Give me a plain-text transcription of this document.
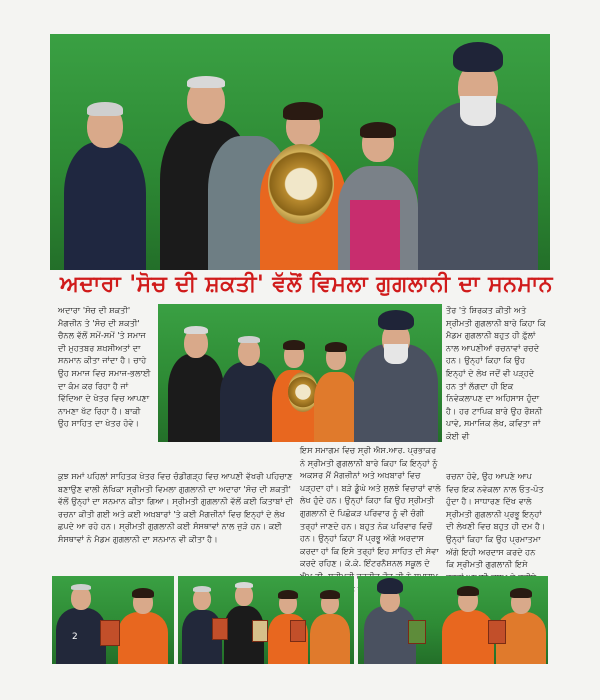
ਅਦਾਰਾ 'ਸੋਚ ਦੀ ਸ਼ਕਤੀ' ਵੱਲੋਂ ਵਿਮਲਾ ਗੁਗਲਾਨੀ ਦਾ ਸਨਮਾਨ

ਅਦਾਰਾ 'ਸੋਚ ਦੀ ਸ਼ਕਤੀ' ਮੈਗਜ਼ੀਨ ਤੇ 'ਸੋਚ ਦੀ ਸ਼ਕਤੀ' ਚੈਨਲ ਵੱਲੋਂ ਸਮੇਂ-ਸਮੇਂ 'ਤੇ ਸਮਾਜ ਦੀ ਮੁਹਤਬਰ ਸ਼ਖ਼ਸੀਅਤਾਂ ਦਾ ਸਨਮਾਨ ਕੀਤਾ ਜਾਂਦਾ ਹੈ। ਚਾਹੇ ਉਹ ਸਮਾਜ ਵਿਚ ਸਮਾਜ-ਭਲਾਈ ਦਾ ਕੰਮ ਕਰ ਰਿਹਾ ਹੈ ਜਾਂ ਵਿੱਦਿਆ ਦੇ ਖੇਤਰ ਵਿਚ ਆਪਣਾ ਨਾਮਣਾ ਖੱਟ ਰਿਹਾ ਹੈ। ਬਾਕੀ ਉਹ ਸਾਹਿਤ ਦਾ ਖੇਤਰ ਹੋਵੇ।

ਤੌਰ 'ਤੇ ਸ਼ਿਰਕਤ ਕੀਤੀ ਅਤੇ ਸ੍ਰੀਮਤੀ ਗੁਗਲਾਨੀ ਬਾਰੇ ਕਿਹਾ ਕਿ ਮੈਡਮ ਗੁਗਲਾਨੀ ਬਹੁਤ ਹੀ ਫ਼ੁੱਲਾਂ ਨਾਲ ਆਪਣੀਆਂ ਰਚਨਾਵਾਂ ਰਚਦੇ ਹਨ। ਉਨ੍ਹਾਂ ਕਿਹਾ ਕਿ ਉਹ ਇਨ੍ਹਾਂ ਦੇ ਲੇਖ ਜਦੋਂ ਵੀ ਪੜ੍ਹਦੇ ਹਨ ਤਾਂ ਲੱਗਦਾ ਹੀ ਇਕ ਨਿਵੇਕਲਾਪਣ ਦਾ ਅਹਿਸਾਸ ਹੁੰਦਾ ਹੈ। ਹਰ ਟਾਪਿਕ ਬਾਰੇ ਉਹ ਰੌਸ਼ਨੀ ਪਾਵੇ, ਸਮਾਜਿਕ ਲੇਖ, ਕਵਿਤਾ ਜਾਂ ਕੋਈ ਵੀ

ਕੁਝ ਸਮਾਂ ਪਹਿਲਾਂ ਸਾਹਿਤਕ ਖੇਤਰ ਵਿਚ ਚੰਡੀਗੜ੍ਹ ਵਿਚ ਆਪਣੀ ਵੱਖਰੀ ਪਹਿਚਾਣ ਬਣਾਉਣ ਵਾਲੀ ਲੇਖਿਕਾ ਸ੍ਰੀਮਤੀ ਵਿਮਲਾ ਗੁਗਲਾਨੀ ਦਾ ਅਦਾਰਾ 'ਸੋਚ ਦੀ ਸ਼ਕਤੀ' ਵੱਲੋਂ ਉਨ੍ਹਾਂ ਦਾ ਸਨਮਾਨ ਕੀਤਾ ਗਿਆ। ਸ੍ਰੀਮਤੀ ਗੁਗਲਾਨੀ ਵੱਲੋਂ ਕਈ ਕਿਤਾਬਾਂ ਦੀ ਰਚਨਾ ਕੀਤੀ ਗਈ ਅਤੇ ਕਈ ਅਖ਼ਬਾਰਾਂ 'ਤੇ ਕਈ ਮੈਗਜ਼ੀਨਾਂ ਵਿਚ ਇਨ੍ਹਾਂ ਦੇ ਲੇਖ ਛਪਦੇ ਆ ਰਹੇ ਹਨ। ਸ੍ਰੀਮਤੀ ਗੁਗਲਾਨੀ ਕਈ ਸੰਸਥਾਵਾਂ ਨਾਲ ਜੁੜੇ ਹਨ। ਕਈ ਸੰਸਥਾਵਾਂ ਨੇ ਮੈਡਮ ਗੁਗਲਾਨੀ ਦਾ ਸਨਮਾਨ ਵੀ ਕੀਤਾ ਹੈ।

ਇਸ ਸਮਾਗਮ ਵਿਚ ਸ੍ਰੀ ਐਸ.ਆਰ. ਪ੍ਰਭਾਕਰ ਨੇ ਸ੍ਰੀਮਤੀ ਗੁਗਲਾਨੀ ਬਾਰੇ ਕਿਹਾ ਕਿ ਇਨ੍ਹਾਂ ਨੂੰ ਅਕਸਰ ਮੈਂ ਮੈਗਜ਼ੀਨਾਂ ਅਤੇ ਅਖ਼ਬਾਰਾਂ ਵਿਚ ਪੜ੍ਹਦਾ ਹਾਂ। ਬੜੇ ਡੂੰਘੇ ਅਤੇ ਸੁਲਝੇ ਵਿਚਾਰਾਂ ਵਾਲੇ ਲੇਖ ਹੁੰਦੇ ਹਨ। ਉਨ੍ਹਾਂ ਕਿਹਾ ਕਿ ਉਹ ਸ੍ਰੀਮਤੀ ਗੁਗਲਾਨੀ ਦੇ ਪਿਛੋਕੜ ਪਰਿਵਾਰ ਨੂੰ ਵੀ ਚੰਗੀ ਤਰ੍ਹਾਂ ਜਾਣਦੇ ਹਨ। ਬਹੁਤ ਨੇਕ ਪਰਿਵਾਰ ਵਿਚੋਂ ਹਨ। ਉਨ੍ਹਾਂ ਕਿਹਾ ਮੈਂ ਪ੍ਰਭੂ ਅੱਗੇ ਅਰਦਾਸ ਕਰਦਾ ਹਾਂ ਕਿ ਇਸੇ ਤਰ੍ਹਾਂ ਇਹ ਸਾਹਿਤ ਦੀ ਸੇਵਾ ਕਰਦੇ ਰਹਿਣ। ਕੇ.ਕੇ. ਇੰਟਰਨੈਸ਼ਨਲ ਸਕੂਲ ਦੇ

ਰਚਨਾ ਹੋਵੇ, ਉਹ ਆਪਣੇ ਆਪ ਵਿਚ ਇਕ ਨਵੇਕਲਾ ਨਾਲ ਓਤ-ਪੋਤ ਹੁੰਦਾ ਹੈ। ਸਾਧਾਰਣ ਦਿੱਖ ਵਾਲੇ ਸ੍ਰੀਮਤੀ ਗੁਗਲਾਨੀ ਪ੍ਰਭੂ ਇਨ੍ਹਾਂ ਦੀ ਲੇਖਣੀ ਵਿਚ ਬਹੁਤ ਹੀ ਦਮ ਹੈ। ਉਨ੍ਹਾਂ ਕਿਹਾ ਕਿ ਉਹ ਪ੍ਰਮਾਤਮਾ ਅੱਗੇ ਇਹੀ ਅਰਦਾਸ ਕਰਦੇ ਹਨ ਕਿ ਸ੍ਰੀਮਤੀ ਗੁਗਲਾਨੀ ਇਸੇ

2
